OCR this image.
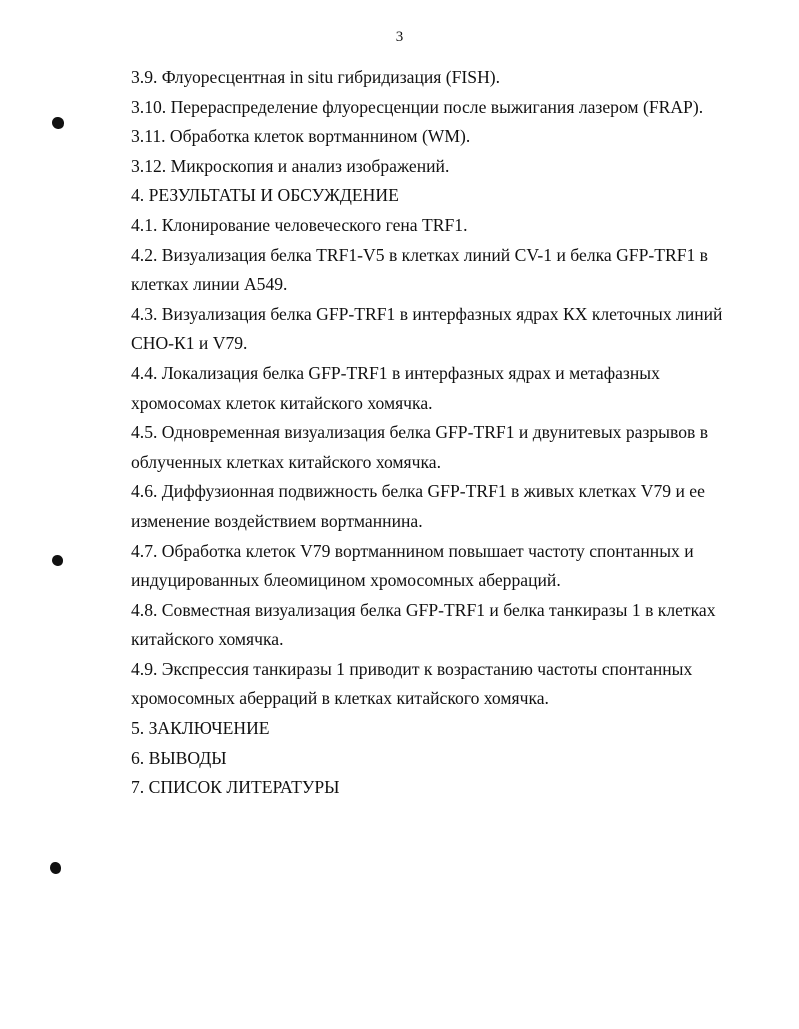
3
3.9. Флуоресцентная in situ гибридизация (FISH).
3.10. Перераспределение флуоресценции после выжигания лазером (FRAP).
3.11. Обработка клеток вортманнином (WM).
3.12. Микроскопия и анализ изображений.
4. РЕЗУЛЬТАТЫ И ОБСУЖДЕНИЕ
4.1. Клонирование человеческого гена TRF1.
4.2. Визуализация белка TRF1-V5 в клетках линий CV-1 и белка GFP-TRF1 в клетках линии A549.
4.3. Визуализация белка GFP-TRF1 в интерфазных ядрах КХ клеточных линий СНО-К1 и V79.
4.4. Локализация белка GFP-TRF1 в интерфазных ядрах и метафазных хромосомах клеток китайского хомячка.
4.5. Одновременная визуализация белка GFP-TRF1 и двунитевых разрывов в облученных клетках китайского хомячка.
4.6. Диффузионная подвижность белка GFP-TRF1 в живых клетках V79 и ее изменение воздействием вортманнина.
4.7. Обработка клеток V79 вортманнином повышает частоту спонтанных и индуцированных блеомицином хромосомных аберраций.
4.8. Совместная визуализация белка GFP-TRF1 и белка танкиразы 1 в клетках китайского хомячка.
4.9. Экспрессия танкиразы 1 приводит к возрастанию частоты спонтанных хромосомных аберраций в клетках китайского хомячка.
5. ЗАКЛЮЧЕНИЕ
6. ВЫВОДЫ
7. СПИСОК ЛИТЕРАТУРЫ
